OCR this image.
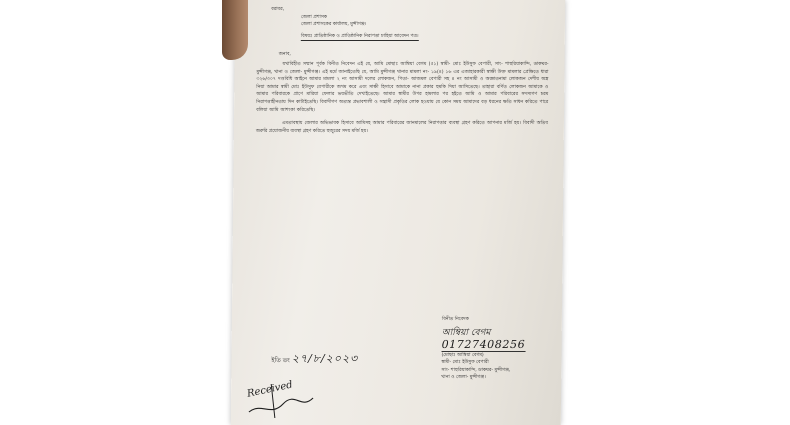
বরাবর,
জেলা প্রশাসক
জেলা প্রশাসকের কার্যালয়, মুন্সীগঞ্জ।
বিষয়ঃ প্রাতিষ্ঠানিক ও প্রাতিষ্ঠানিক নিরাপত্তা চাহিয়া আবেদন পত্র।
জনাব,

যথাবিহীত সম্মান পূর্বক বিনীত নিবেদন এই যে, আমি মোছাঃ আম্বিয়া বেগম (৫১) স্বামী- মোঃ ইউসুফ বেপারী, সাং- শাহুরিয়াকান্দি, ডাকঘর- মুন্সীগঞ্জ, থানা ও জেলা- মুন্সীগঞ্জ। এই মর্মে জানাইতেছি যে, আমি মুন্সীগঞ্জ থানার মামলা নং- ১৯(৪) ১৬ এর এজাহারকারী স্বাক্ষী উক্ত মামলার প্রেক্ষিতে ধারা ৩২৬/৩০৭ দণ্ডবিধি আইনে আমার মামলা ২ নং আসামী দলের লোকজন, পিতা- আজমল বেপারী সহ ৪ নং আসামী ও অজ্ঞাতনামা লোকজন দেশীয় অস্ত্র নিয়া আমার স্বামী মোঃ ইউসুফ বেপারীকে জখম করে এবং সাক্ষী হিসাবে আমাকে নানা প্রকার হুমকি দিয়া আসিতেছে। তাহারা বর্ণিত লোকজন আমাকে ও আমার পরিবারকে প্রাণে মারিয়া ফেলার ভয়ভীতি দেখাইতেছে। আমার স্বামীর উপর হামলার পর হইতে আমি ও আমার পরিবারের সদস্যগণ চরম নিরাপত্তাহীনতায় দিন কাটাইতেছি। বিবাদীগণ অত্যন্ত প্রভাবশালী ও সন্ত্রাসী প্রকৃতির লোক হওয়ায় যে কোন সময় আমাদের বড় ধরনের ক্ষতি সাধন করিতে পারে বলিয়া আমি আশংকা করিতেছি।

এমতাবস্থায় জেলার অভিভাবক হিসাবে আমিসহ আমার পরিবারের জানমালের নিরাপত্তার ব্যবস্থা গ্রহণ করিতে আপনার মর্জি হয়। বিবাদী অতিব জরুরি প্রয়োজনীয় ব্যবস্থা গ্রহণ করিতে হুজুরের সদয় মর্জি হয়।

বিনীত নিবেদক
আম্বিয়া বেগম
01727408256
(মোছাঃ আম্বিয়া বেগম)
স্বামী- মোঃ ইউসুফ বেপারী
সাং- শাহুরিয়াকান্দি, ডাকঘর- মুন্সীগঞ্জ,
থানা ও জেলা- মুন্সীগঞ্জ।
ইতি তং ২৭/৮/২০২৩
Received
